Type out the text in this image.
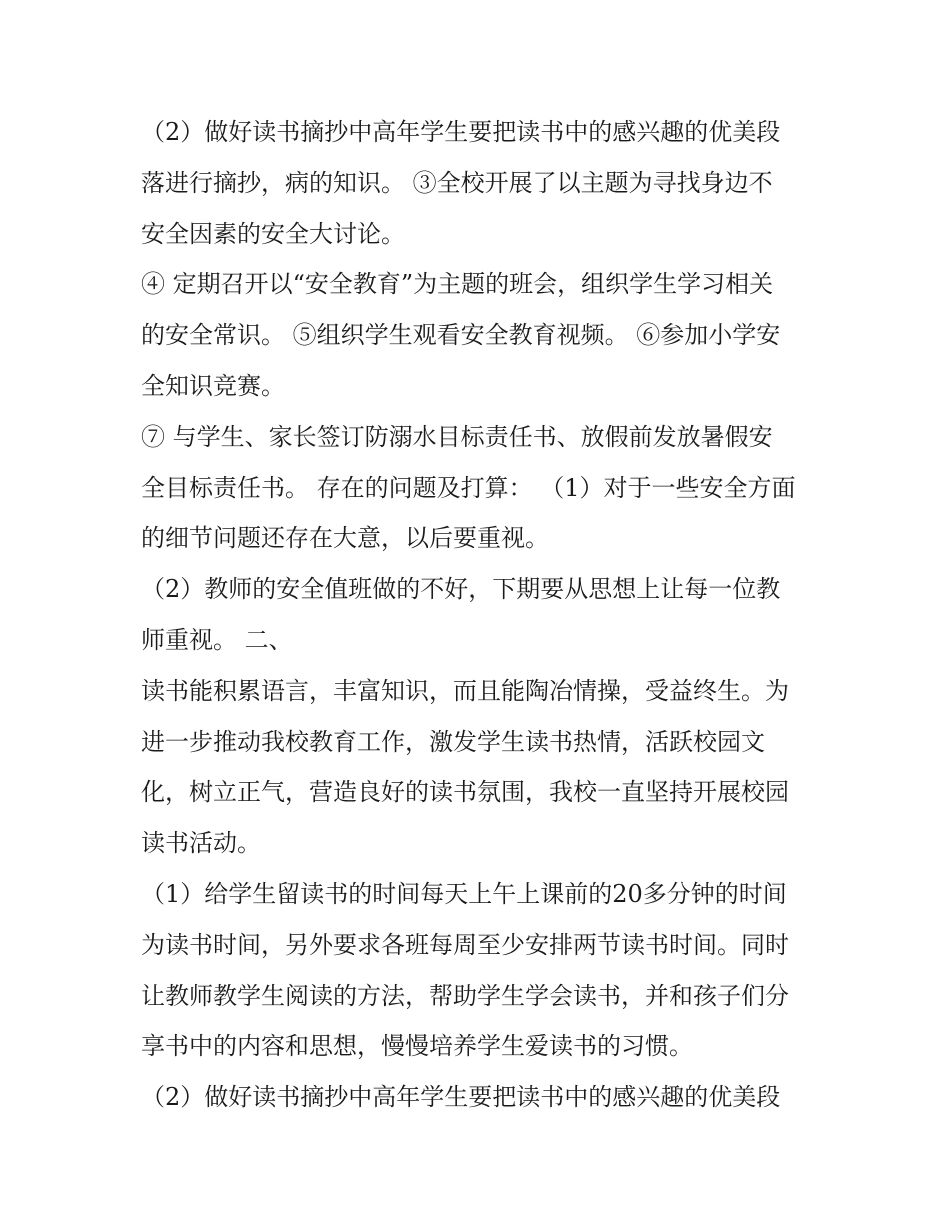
（2）做好读书摘抄中高年学生要把读书中的感兴趣的优美段
落进行摘抄，病的知识。 ③全校开展了以主题为寻找身边不
安全因素的安全大讨论。
④ 定期召开以“安全教育”为主题的班会，组织学生学习相关
的安全常识。 ⑤组织学生观看安全教育视频。 ⑥参加小学安
全知识竞赛。
⑦ 与学生、家长签订防溺水目标责任书、放假前发放暑假安
全目标责任书。 存在的问题及打算： （1）对于一些安全方面
的细节问题还存在大意，以后要重视。
（2）教师的安全值班做的不好，下期要从思想上让每一位教
师重视。 二、
读书能积累语言，丰富知识，而且能陶冶情操，受益终生。为
进一步推动我校教育工作，激发学生读书热情，活跃校园文
化，树立正气，营造良好的读书氛围，我校一直坚持开展校园
读书活动。
（1）给学生留读书的时间每天上午上课前的20多分钟的时间
为读书时间，另外要求各班每周至少安排两节读书时间。同时
让教师教学生阅读的方法，帮助学生学会读书，并和孩子们分
享书中的内容和思想，慢慢培养学生爱读书的习惯。
（2）做好读书摘抄中高年学生要把读书中的感兴趣的优美段
